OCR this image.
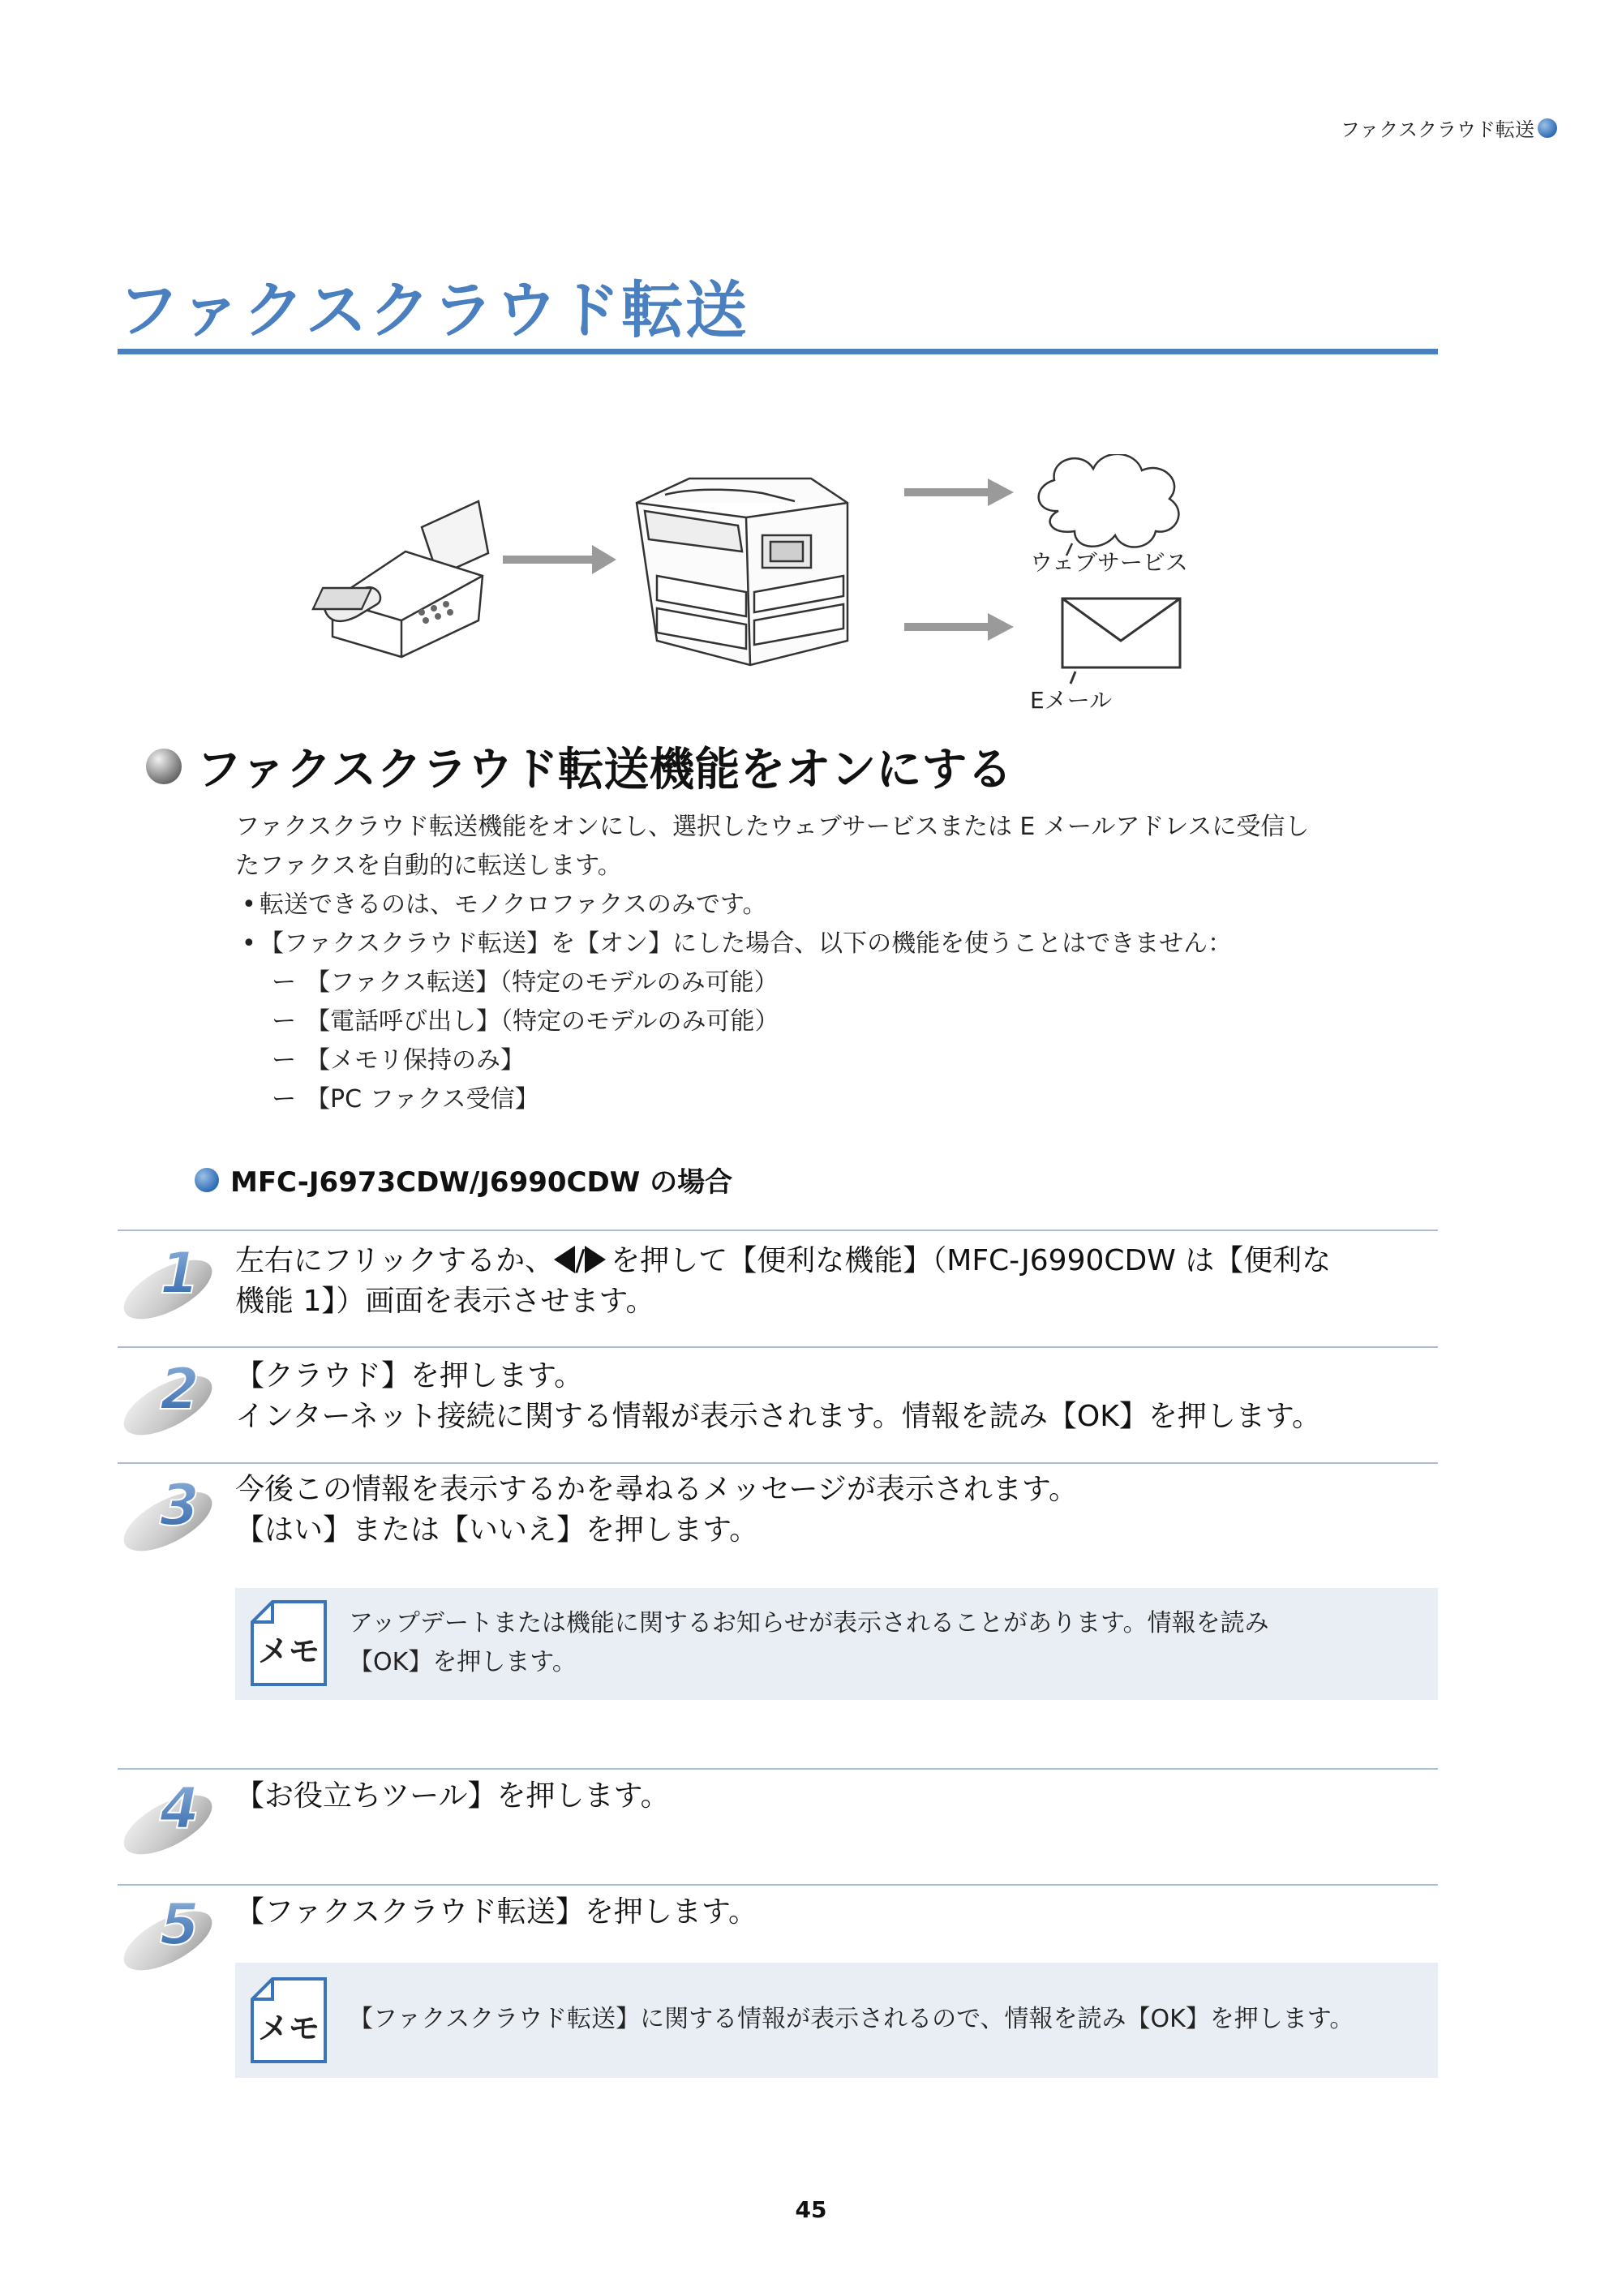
ファクスクラウド転送
ファクスクラウド転送
ウェブサービス
Eメール
ファクスクラウド転送機能をオンにする
ファクスクラウド転送機能をオンにし、選択したウェブサービスまたは E メールアドレスに受信し
たファクスを自動的に転送します。
• 転送できるのは、モノクロファクスのみです。
• 【ファクスクラウド転送】を【オン】にした場合、以下の機能を使うことはできません：
ー 【ファクス転送】（特定のモデルのみ可能）
ー 【電話呼び出し】（特定のモデルのみ可能）
ー 【メモリ保持のみ】
ー 【PC ファクス受信】
MFC-J6973CDW/J6990CDW の場合
1 左右にフリックするか、 / を押して【便利な機能】（MFC-J6990CDW は【便利な
機能 1】）画面を表示させます。
2 【クラウド】を押します。
インターネット接続に関する情報が表示されます。情報を読み【OK】を押します。
3 今後この情報を表示するかを尋ねるメッセージが表示されます。
【はい】または【いいえ】を押します。
メモ
アップデートまたは機能に関するお知らせが表示されることがあります。情報を読み
【OK】を押します。
4 【お役立ちツール】を押します。
5 【ファクスクラウド転送】を押します。
メモ 【ファクスクラウド転送】に関する情報が表示されるので、情報を読み【OK】を押します。
45
